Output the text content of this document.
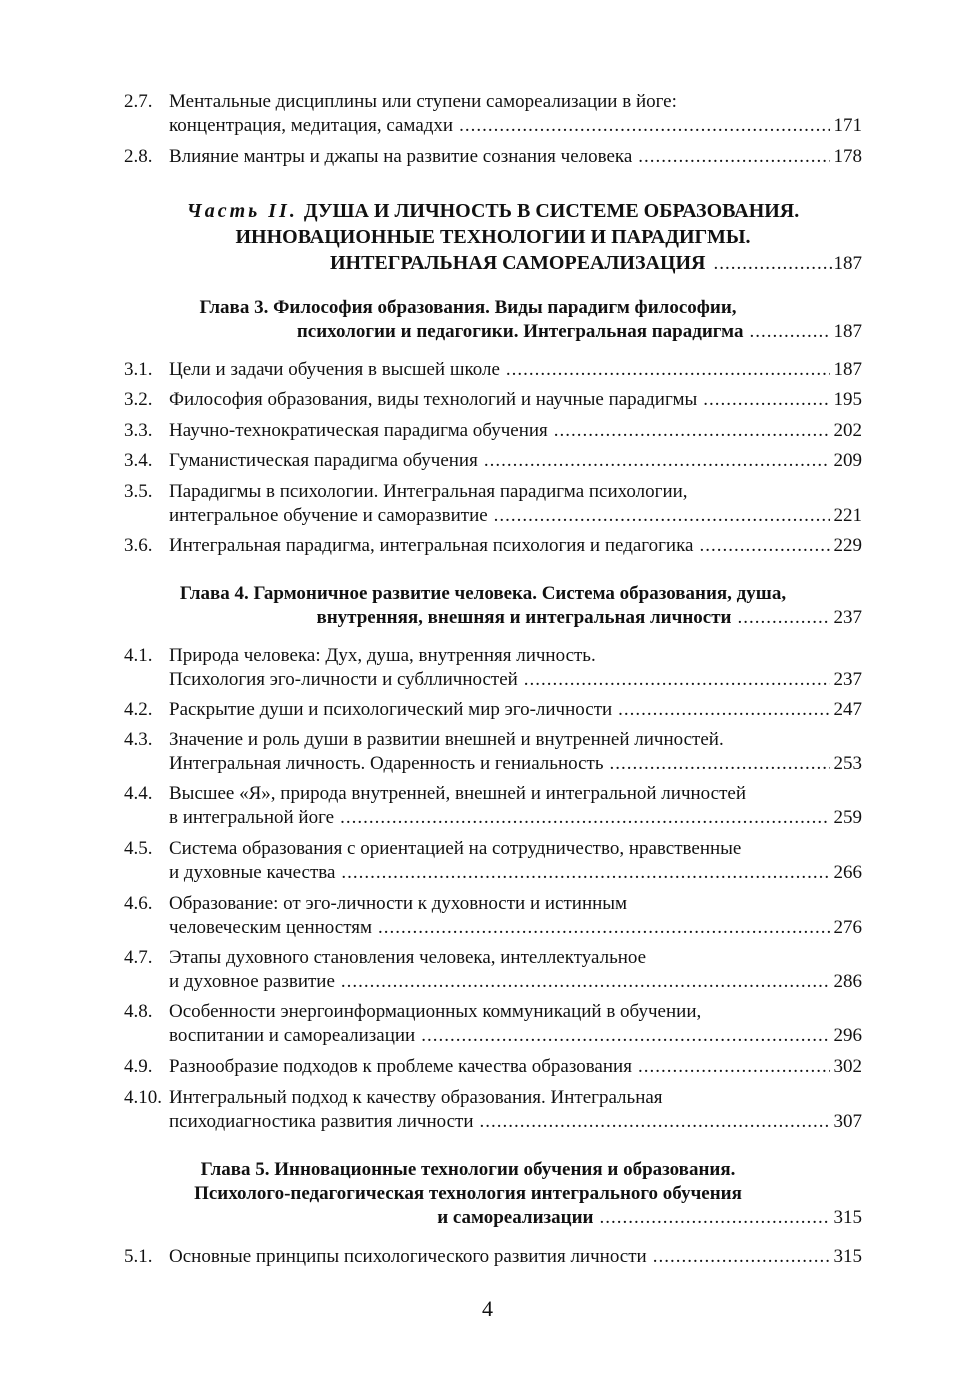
2.7. Ментальные дисциплины или ступени самореализации в йоге:
концентрация, медитация, самадхи .....	171
2.8. Влияние мантры и джапы на развитие сознания человека .....	178
Часть II. ДУША И ЛИЧНОСТЬ В СИСТЕМЕ ОБРАЗОВАНИЯ.
ИННОВАЦИОННЫЕ ТЕХНОЛОГИИ И ПАРАДИГМЫ.
ИНТЕГРАЛЬНАЯ САМОРЕАЛИЗАЦИЯ .....	187
Глава 3. Философия образования. Виды парадигм философии,
психологии и педагогики. Интегральная парадигма .....	187
3.1. Цели и задачи обучения в высшей школе .....	187
3.2. Философия образования, виды технологий и научные парадигмы .....	195
3.3. Научно-технократическая парадигма обучения .....	202
3.4. Гуманистическая парадигма обучения .....	209
3.5. Парадигмы в психологии. Интегральная парадигма психологии,
интегральное обучение и саморазвитие .....	221
3.6. Интегральная парадигма, интегральная психология и педагогика .....	229
Глава 4. Гармоничное развитие человека. Система образования, душа,
внутренняя, внешняя и интегральная личности .....	237
4.1. Природа человека: Дух, душа, внутренняя личность.
Психология эго-личности и сублличностей .....	237
4.2. Раскрытие души и психологический мир эго-личности .....	247
4.3. Значение и роль души в развитии внешней и внутренней личностей.
Интегральная личность. Одаренность и гениальность .....	253
4.4. Высшее «Я», природа внутренней, внешней и интегральной личностей
в интегральной йоге .....	259
4.5. Система образования с ориентацией на сотрудничество, нравственные
и духовные качества .....	266
4.6. Образование: от эго-личности к духовности и истинным
человеческим ценностям .....	276
4.7. Этапы духовного становления человека, интеллектуальное
и духовное развитие .....	286
4.8. Особенности энергоинформационных коммуникаций в обучении,
воспитании и самореализации .....	296
4.9. Разнообразие подходов к проблеме качества образования .....	302
4.10. Интегральный подход к качеству образования. Интегральная
психодиагностика развития личности .....	307
Глава 5. Инновационные технологии обучения и образования.
Психолого-педагогическая технология интегрального обучения
и самореализации .....	315
5.1. Основные принципы психологического развития личности .....	315
4
